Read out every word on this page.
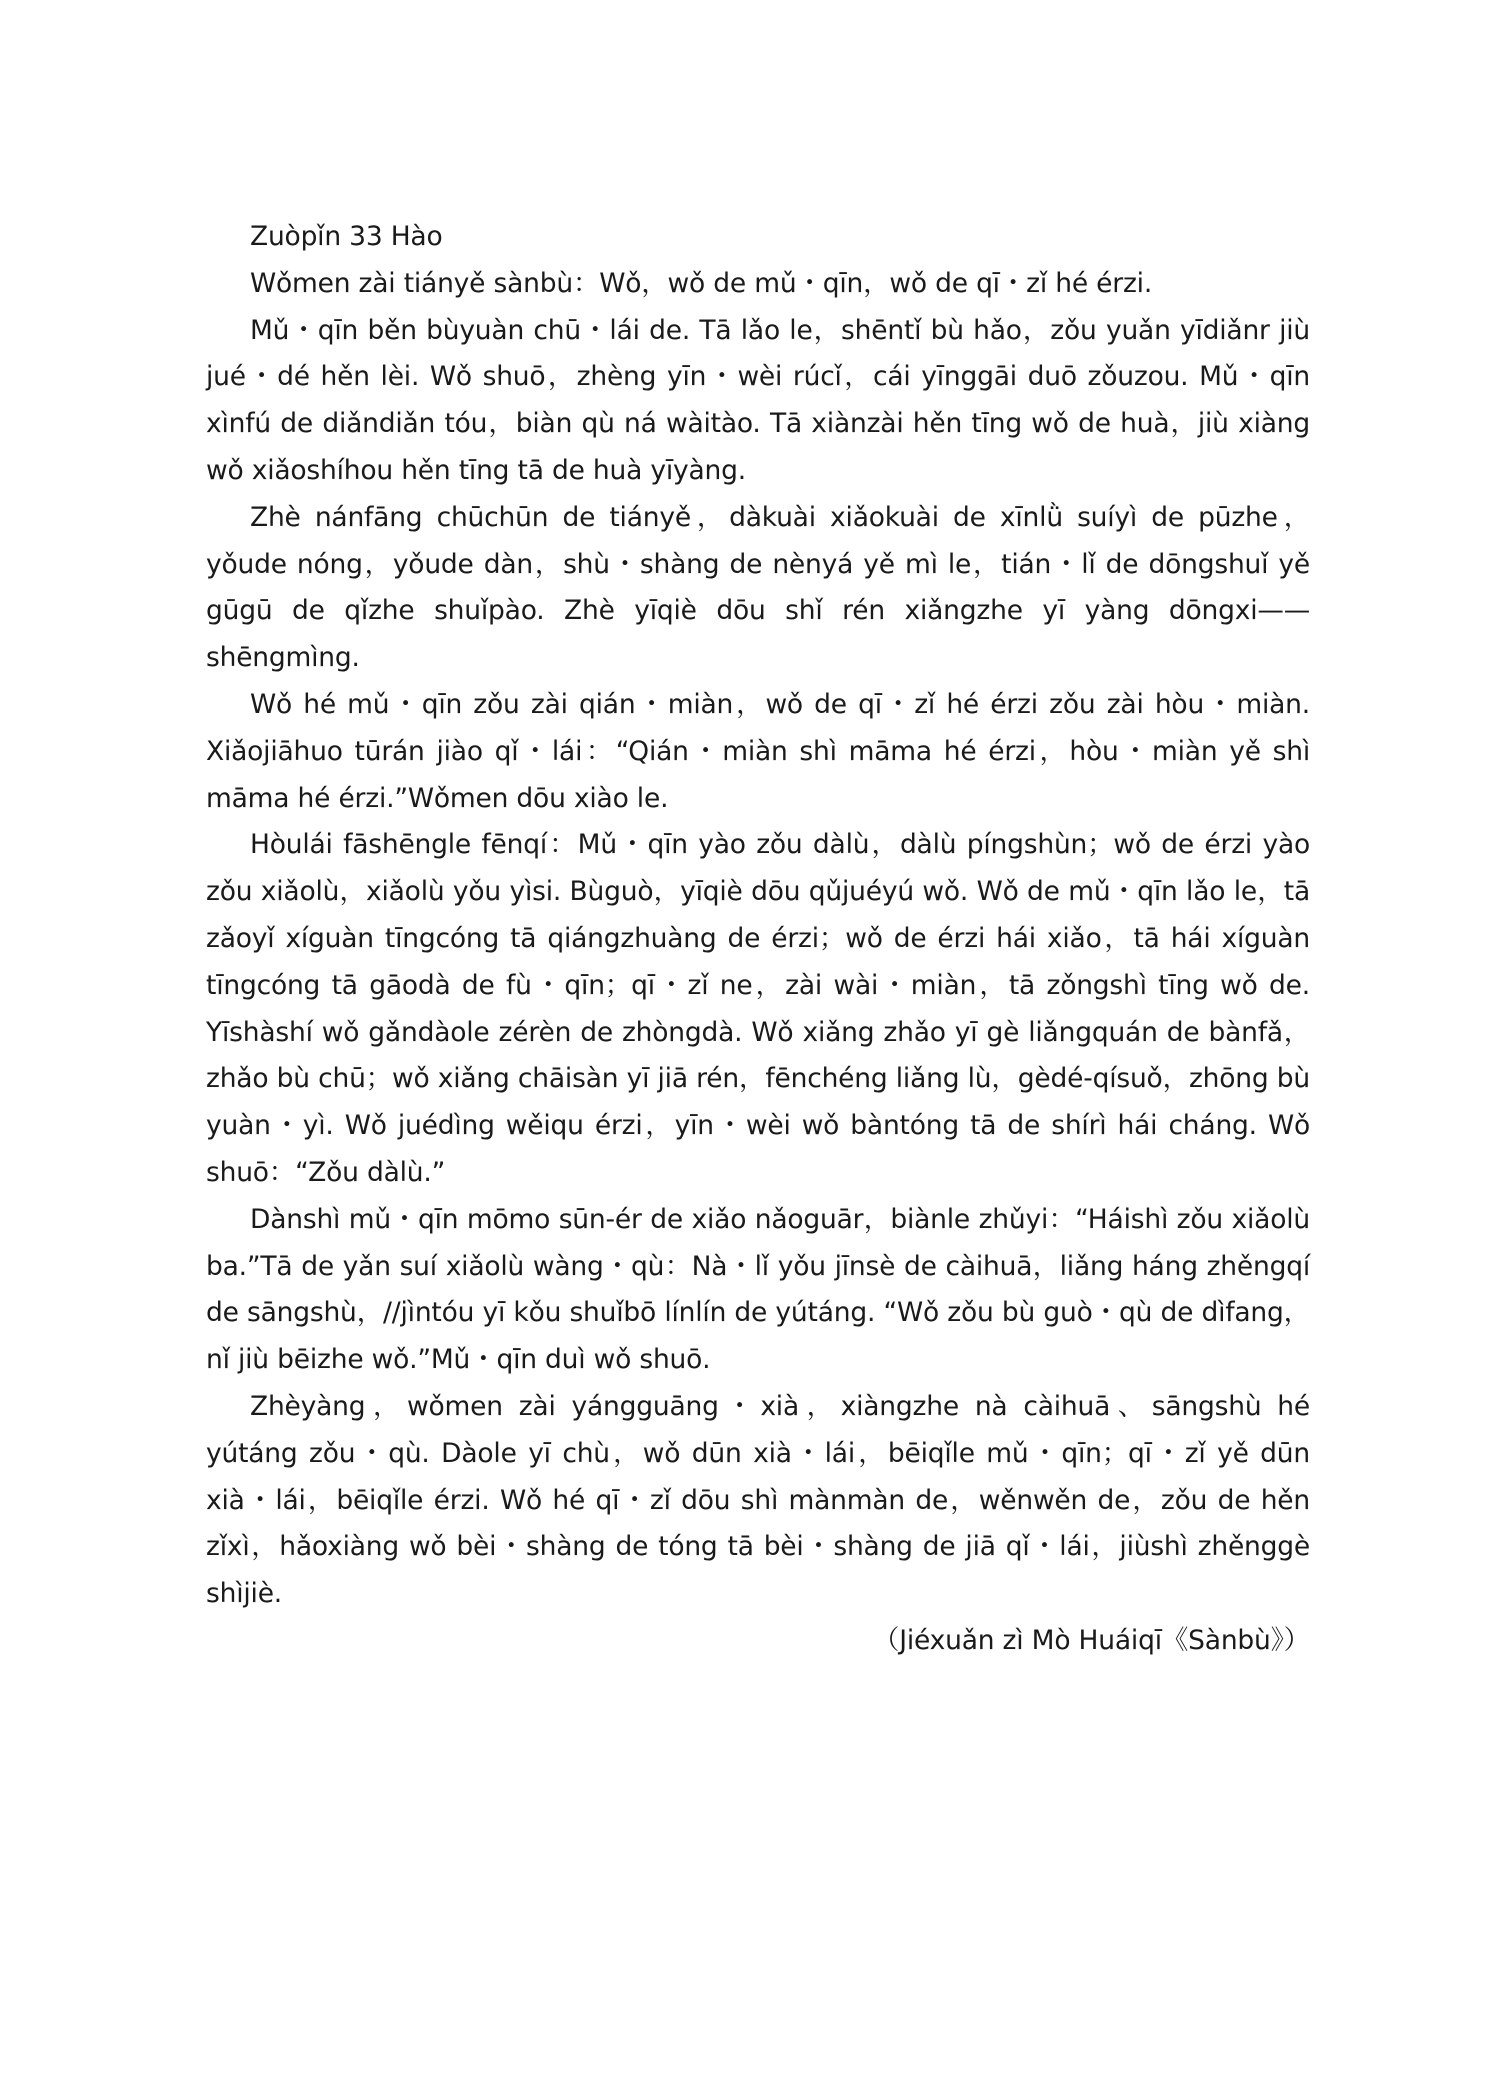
Zuòpǐn 33 Hào

Wǒmen zài tiányě sànbù：Wǒ，wǒ de mǔ・qīn，wǒ de qī・zǐ hé érzi.

Mǔ・qīn běn bùyuàn chū・lái de. Tā lǎo le，shēntǐ bù hǎo，zǒu yuǎn yīdiǎnr jiù jué・dé hěn lèi. Wǒ shuō，zhèng yīn・wèi rúcǐ，cái yīnggāi duō zǒuzou. Mǔ・qīn xìnfú de diǎndiǎn tóu，biàn qù ná wàitào. Tā xiànzài hěn tīng wǒ de huà，jiù xiàng wǒ xiǎoshíhou hěn tīng tā de huà yīyàng.

Zhè nánfāng chūchūn de tiányě，dàkuài xiǎokuài de xīnlǜ suíyì de pūzhe，yǒude nóng，yǒude dàn，shù・shàng de nènyá yě mì le，tián・lǐ de dōngshuǐ yě gūgū de qǐzhe shuǐpào. Zhè yīqiè dōu shǐ rén xiǎngzhe yī yàng dōngxi——shēngmìng.

Wǒ hé mǔ・qīn zǒu zài qián・miàn，wǒ de qī・zǐ hé érzi zǒu zài hòu・miàn. Xiǎojiāhuo tūrán jiào qǐ・lái：“Qián・miàn shì māma hé érzi，hòu・miàn yě shì māma hé érzi.”Wǒmen dōu xiào le.

Hòulái fāshēngle fēnqí：Mǔ・qīn yào zǒu dàlù，dàlù píngshùn；wǒ de érzi yào zǒu xiǎolù，xiǎolù yǒu yìsi. Bùguò，yīqiè dōu qǔjuéyú wǒ. Wǒ de mǔ・qīn lǎo le，tā zǎoyǐ xíguàn tīngcóng tā qiángzhuàng de érzi；wǒ de érzi hái xiǎo，tā hái xíguàn tīngcóng tā gāodà de fù・qīn；qī・zǐ ne，zài wài・miàn，tā zǒngshì tīng wǒ de. Yīshàshí wǒ gǎndàole zérèn de zhòngdà. Wǒ xiǎng zhǎo yī gè liǎngquán de bànfǎ，zhǎo bù chū；wǒ xiǎng chāisàn yī jiā rén，fēnchéng liǎng lù，gèdé-qísuǒ，zhōng bù yuàn・yì. Wǒ juédìng wěiqu érzi，yīn・wèi wǒ bàntóng tā de shírì hái cháng. Wǒ shuō：“Zǒu dàlù.”

Dànshì mǔ・qīn mōmo sūn-ér de xiǎo nǎoguār，biànle zhǔyi：“Háishì zǒu xiǎolù ba.”Tā de yǎn suí xiǎolù wàng・qù：Nà・lǐ yǒu jīnsè de càihuā，liǎng háng zhěngqí de sāngshù，//jìntóu yī kǒu shuǐbō línlín de yútáng. “Wǒ zǒu bù guò・qù de dìfang，nǐ jiù bēizhe wǒ.”Mǔ・qīn duì wǒ shuō.

Zhèyàng，wǒmen zài yángguāng・xià，xiàngzhe nà càihuā、sāngshù hé yútáng zǒu・qù. Dàole yī chù，wǒ dūn xià・lái，bēiqǐle mǔ・qīn；qī・zǐ yě dūn xià・lái，bēiqǐle érzi. Wǒ hé qī・zǐ dōu shì mànmàn de，wěnwěn de，zǒu de hěn zǐxì，hǎoxiàng wǒ bèi・shàng de tóng tā bèi・shàng de jiā qǐ・lái，jiùshì zhěnggè shìjiè.

（Jiéxuǎn zì Mò Huáiqī《Sànbù》）
